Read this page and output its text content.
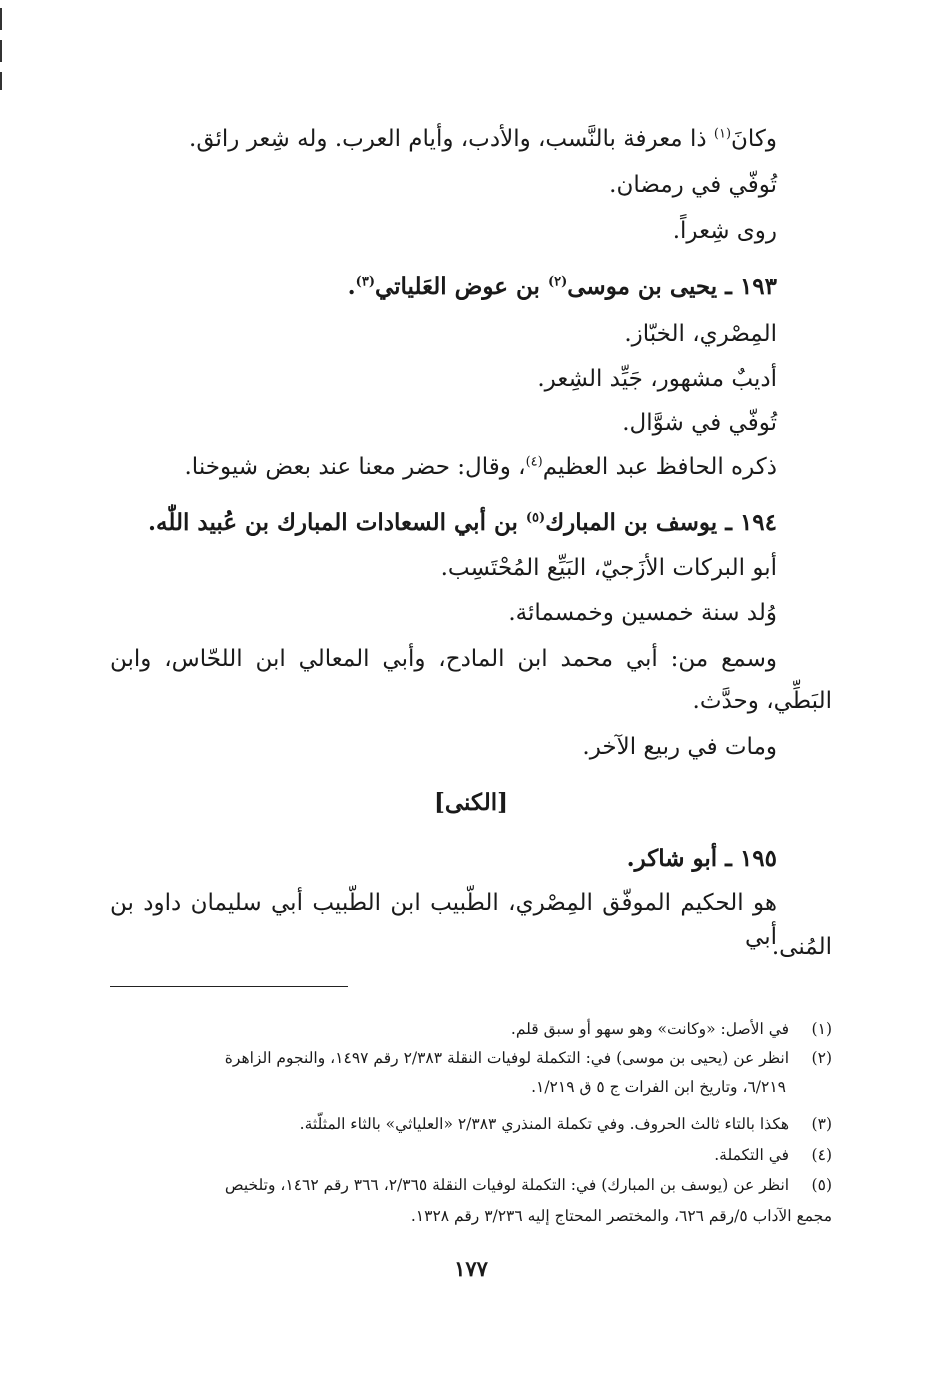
وكانَ$^{(١)}$ ذا معرفة بالنَّسب، والأدب، وأيام العرب. وله شِعر رائق.
تُوفّي في رمضان.
روى شِعراً.
١٩٣ ـ يحيى بن موسى$^{(٢)}$ بن عوض العَلياتي$^{(٣)}$.
المِصْري، الخبّاز.
أديبٌ مشهور، جَيِّد الشِعر.
تُوفّي في شوَّال.
ذكره الحافظ عبد العظيم$^{(٤)}$، وقال: حضر معنا عند بعض شيوخنا.
١٩٤ ـ يوسف بن المبارك$^{(٥)}$ بن أبي السعادات المبارك بن عُبيد اللّٰه.
أبو البركات الأزَجيّ، البَيِّع المُحْتَسِب.
وُلد سنة خمسين وخمسمائة.
وسمع من: أبي محمد ابن المادح، وأبي المعالي ابن اللحّاس، وابن
البَطِّي، وحدَّث.
ومات في ربيع الآخر.
[الكنى]
١٩٥ ـ أبو شاكر.
هو الحكيم الموفّق المِصْري، الطّبيب ابن الطّبيب أبي سليمان داود بن أبي
المُنى.
(١) في الأصل: «وكانت» وهو سهو أو سبق قلم.
(٢) انظر عن (يحيى بن موسى) في: التكملة لوفيات النقلة ٢/٣٨٣ رقم ١٤٩٧، والنجوم الزاهرة
٦/٢١٩، وتاريخ ابن الفرات ج ٥ ق ١/٢١٩.
(٣) هكذا بالتاء ثالث الحروف. وفي تكملة المنذري ٢/٣٨٣ «العلياثي» بالثاء المثلّثة.
(٤) في التكملة.
(٥) انظر عن (يوسف بن المبارك) في: التكملة لوفيات النقلة ٢/٣٦٥، ٣٦٦ رقم ١٤٦٢، وتلخيص
مجمع الآداب ٥/رقم ٦٢٦، والمختصر المحتاج إليه ٣/٢٣٦ رقم ١٣٢٨.
١٧٧
